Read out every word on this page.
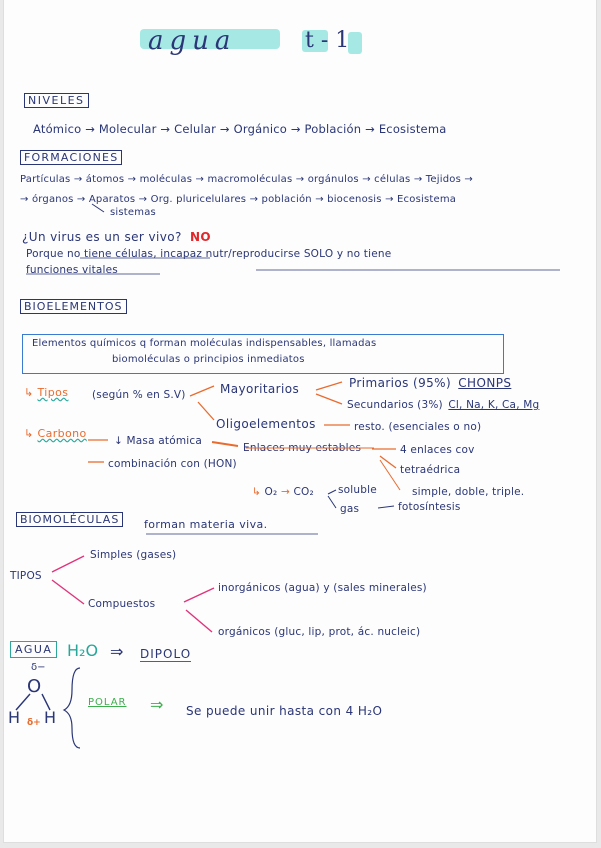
agua	t-1
NIVELES
Atómico → Molecular → Celular → Orgánico → Población → Ecosistema
FORMACIONES
Partículas → átomos → moléculas → macromoléculas → orgánulos → células → Tejidos →
→ órganos → Aparatos → Org. pluricelulares → población → biocenosis → Ecosistema
sistemas
¿Un virus es un ser vivo? NO
Porque no tiene células, incapaz nutr/reproducirse SOLO y no tiene
funciones vitales
BIOELEMENTOS
Elementos químicos q forman moléculas indispensables, llamadas
biomoléculas o principios inmediatos
↳ Tipos (según % en S.V)	Mayoritarios	Primarios (95%) CHONPS
Secundarios (3%) Cl, Na, K, Ca, Mg
Oligoelementos	resto. (esenciales o no)
↳ Carbono
↓ Masa atómica
Enlaces muy estables	4 enlaces cov
tetraédrica
combinación con (HON)
simple, doble, triple.
↳ O₂ → CO₂ soluble
gas	fotosíntesis
BIOMOLÉCULAS	forman materia viva.
TIPOS
Simples (gases)
Compuestos
inorgánicos (agua) y (sales minerales)
orgánicos (gluc, lip, prot, ác. nucleic)
AGUA H₂O ⇒ DIPOLO
δ−
O
H H
δ+
POLAR ⇒ Se puede unir hasta con 4 H₂O
